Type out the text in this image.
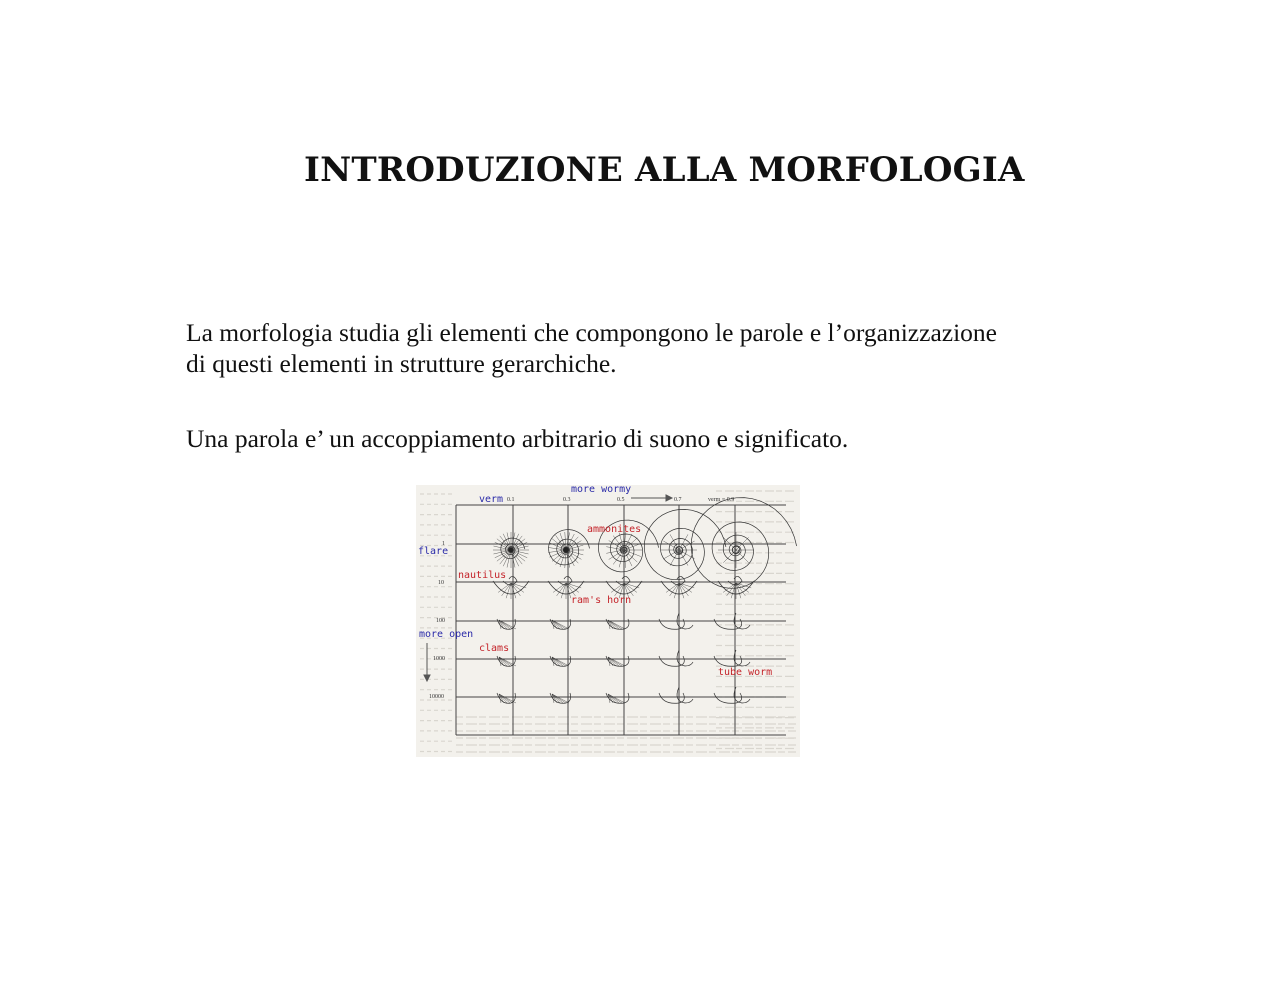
INTRODUZIONE ALLA MORFOLOGIA

La morfologia studia gli elementi che compongono le parole e l’organizzazione
di questi elementi in strutture gerarchiche.

Una parola e’ un accoppiamento arbitrario di suono e significato.

0.1	0.3	0.5	0.7	verm = 0.9
1
10
100
1000
10000
more wormy
verm
flare
more open
ammonites
nautilus
ram's horn
clams
tube worm
